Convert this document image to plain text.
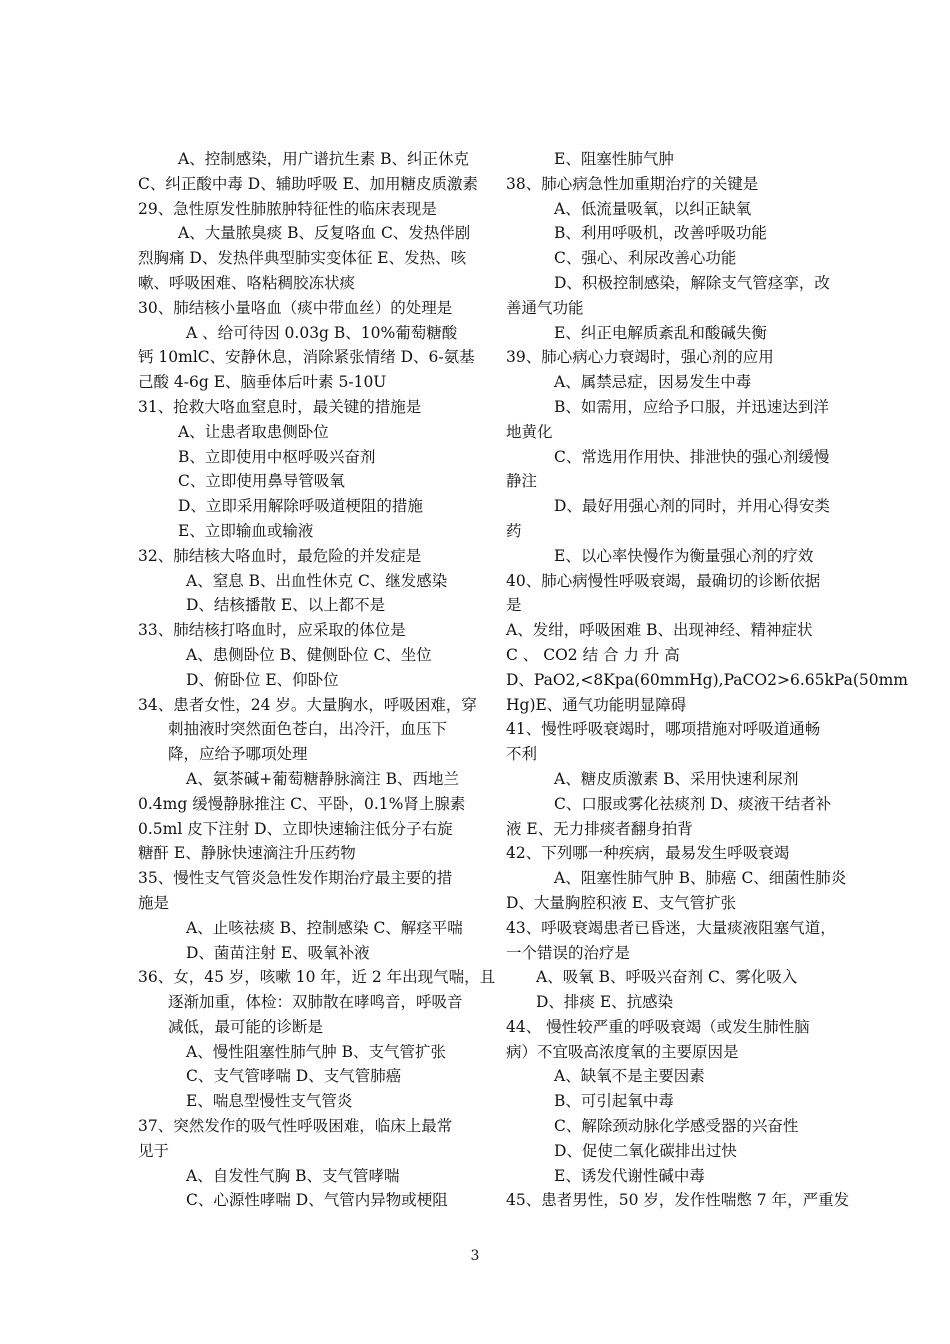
A、控制感染，用广谱抗生素 B、纠正休克
C、纠正酸中毒 D、辅助呼吸 E、加用糖皮质激素
29、急性原发性肺脓肿特征性的临床表现是
A、大量脓臭痰 B、反复咯血 C、发热伴剧
烈胸痛 D、发热伴典型肺实变体征 E、发热、咳
嗽、呼吸困难、咯粘稠胶冻状痰
30、肺结核小量咯血（痰中带血丝）的处理是
A 、给可待因 0.03g B、10%葡萄糖酸
钙 10mlC、安静休息，消除紧张情绪 D、6-氨基
己酸 4-6g E、脑垂体后叶素 5-10U
31、抢救大咯血窒息时，最关键的措施是
A、让患者取患侧卧位
B、立即使用中枢呼吸兴奋剂
C、立即使用鼻导管吸氧
D、立即采用解除呼吸道梗阻的措施
E、立即输血或输液
32、肺结核大咯血时，最危险的并发症是
A、窒息 B、出血性休克 C、继发感染
D、结核播散 E、以上都不是
33、肺结核打咯血时，应采取的体位是
A、患侧卧位 B、健侧卧位 C、坐位
D、俯卧位 E、仰卧位
34、患者女性，24 岁。大量胸水，呼吸困难，穿
刺抽液时突然面色苍白，出冷汗，血压下
降，应给予哪项处理
A、氨茶碱+葡萄糖静脉滴注 B、西地兰
0.4mg 缓慢静脉推注 C、平卧，0.1%肾上腺素
0.5ml 皮下注射 D、立即快速输注低分子右旋
糖酐 E、静脉快速滴注升压药物
35、慢性支气管炎急性发作期治疗最主要的措
施是
A、止咳祛痰 B、控制感染 C、解痉平喘
D、菌苗注射 E、吸氧补液
36、女，45 岁，咳嗽 10 年，近 2 年出现气喘，且
逐渐加重，体检：双肺散在哮鸣音，呼吸音
减低，最可能的诊断是
A、慢性阻塞性肺气肿 B、支气管扩张
C、支气管哮喘 D、支气管肺癌
E、喘息型慢性支气管炎
37、突然发作的吸气性呼吸困难，临床上最常
见于
A、自发性气胸 B、支气管哮喘
C、心源性哮喘 D、气管内异物或梗阻
E、阻塞性肺气肿
38、肺心病急性加重期治疗的关键是
A、低流量吸氧，以纠正缺氧
B、利用呼吸机，改善呼吸功能
C、强心、利尿改善心功能
D、积极控制感染，解除支气管痉挛，改
善通气功能
E、纠正电解质紊乱和酸碱失衡
39、肺心病心力衰竭时，强心剂的应用
A、属禁忌症，因易发生中毒
B、如需用，应给予口服，并迅速达到洋
地黄化
C、常选用作用快、排泄快的强心剂缓慢
静注
D、最好用强心剂的同时，并用心得安类
药
E、以心率快慢作为衡量强心剂的疗效
40、肺心病慢性呼吸衰竭，最确切的诊断依据
是
A、发绀，呼吸困难 B、出现神经、精神症状
C 、 CO2 结 合 力 升 高
D、PaO2,<8Kpa(60mmHg),PaCO2>6.65kPa(50mm
Hg)E、通气功能明显障碍
41、慢性呼吸衰竭时，哪项措施对呼吸道通畅
不利
A、糖皮质激素 B、采用快速利尿剂
C、口服或雾化祛痰剂 D、痰液干结者补
液 E、无力排痰者翻身拍背
42、下列哪一种疾病，最易发生呼吸衰竭
A、阻塞性肺气肿 B、肺癌 C、细菌性肺炎
D、大量胸腔积液 E、支气管扩张
43、呼吸衰竭患者已昏迷，大量痰液阻塞气道，
一个错误的治疗是
A、吸氧 B、呼吸兴奋剂 C、雾化吸入
D、排痰 E、抗感染
44、 慢性较严重的呼吸衰竭（或发生肺性脑
病）不宜吸高浓度氧的主要原因是
A、缺氧不是主要因素
B、可引起氧中毒
C、解除颈动脉化学感受器的兴奋性
D、促使二氧化碳排出过快
E、诱发代谢性碱中毒
45、患者男性，50 岁，发作性喘憋 7 年，严重发
3
